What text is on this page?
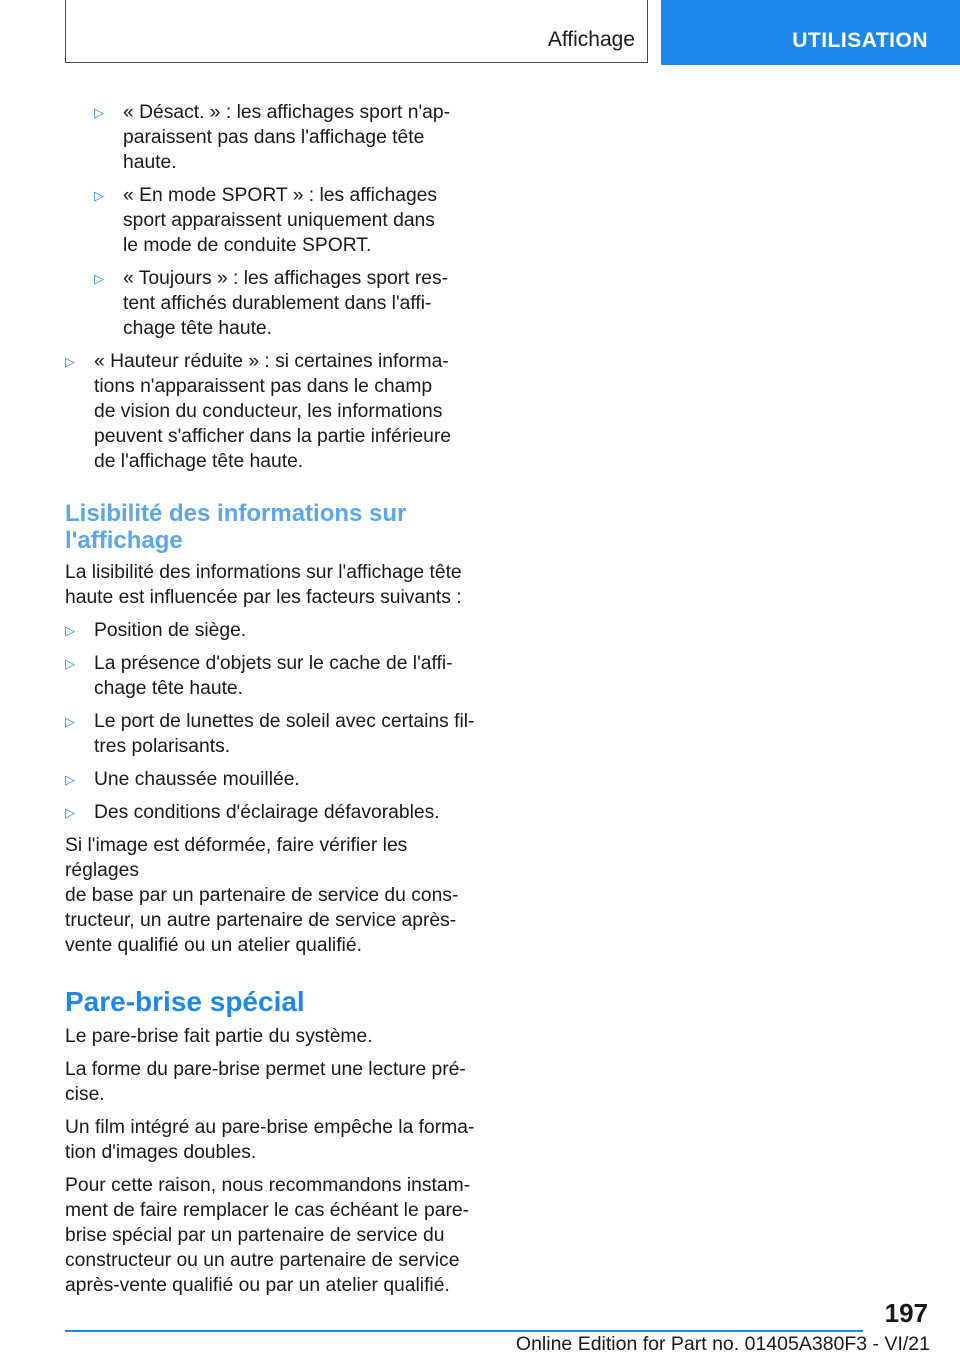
Affichage	UTILISATION
▷ « Désact. » : les affichages sport n'ap-
paraissent pas dans l'affichage tête
haute.
▷ « En mode SPORT » : les affichages
sport apparaissent uniquement dans
le mode de conduite SPORT.
▷ « Toujours » : les affichages sport res-
tent affichés durablement dans l'affi-
chage tête haute.
▷ « Hauteur réduite » : si certaines informa-
tions n'apparaissent pas dans le champ
de vision du conducteur, les informations
peuvent s'afficher dans la partie inférieure
de l'affichage tête haute.
Lisibilité des informations sur
l'affichage
La lisibilité des informations sur l'affichage tête
haute est influencée par les facteurs suivants :
▷ Position de siège.
▷ La présence d'objets sur le cache de l'affi-
chage tête haute.
▷ Le port de lunettes de soleil avec certains fil-
tres polarisants.
▷ Une chaussée mouillée.
▷ Des conditions d'éclairage défavorables.
Si l'image est déformée, faire vérifier les réglages
de base par un partenaire de service du cons-
tructeur, un autre partenaire de service après-
vente qualifié ou un atelier qualifié.
Pare-brise spécial
Le pare-brise fait partie du système.
La forme du pare-brise permet une lecture pré-
cise.
Un film intégré au pare-brise empêche la forma-
tion d'images doubles.
Pour cette raison, nous recommandons instam-
ment de faire remplacer le cas échéant le pare-
brise spécial par un partenaire de service du
constructeur ou un autre partenaire de service
après-vente qualifié ou par un atelier qualifié.
197
Online Edition for Part no. 01405A380F3 - VI/21
